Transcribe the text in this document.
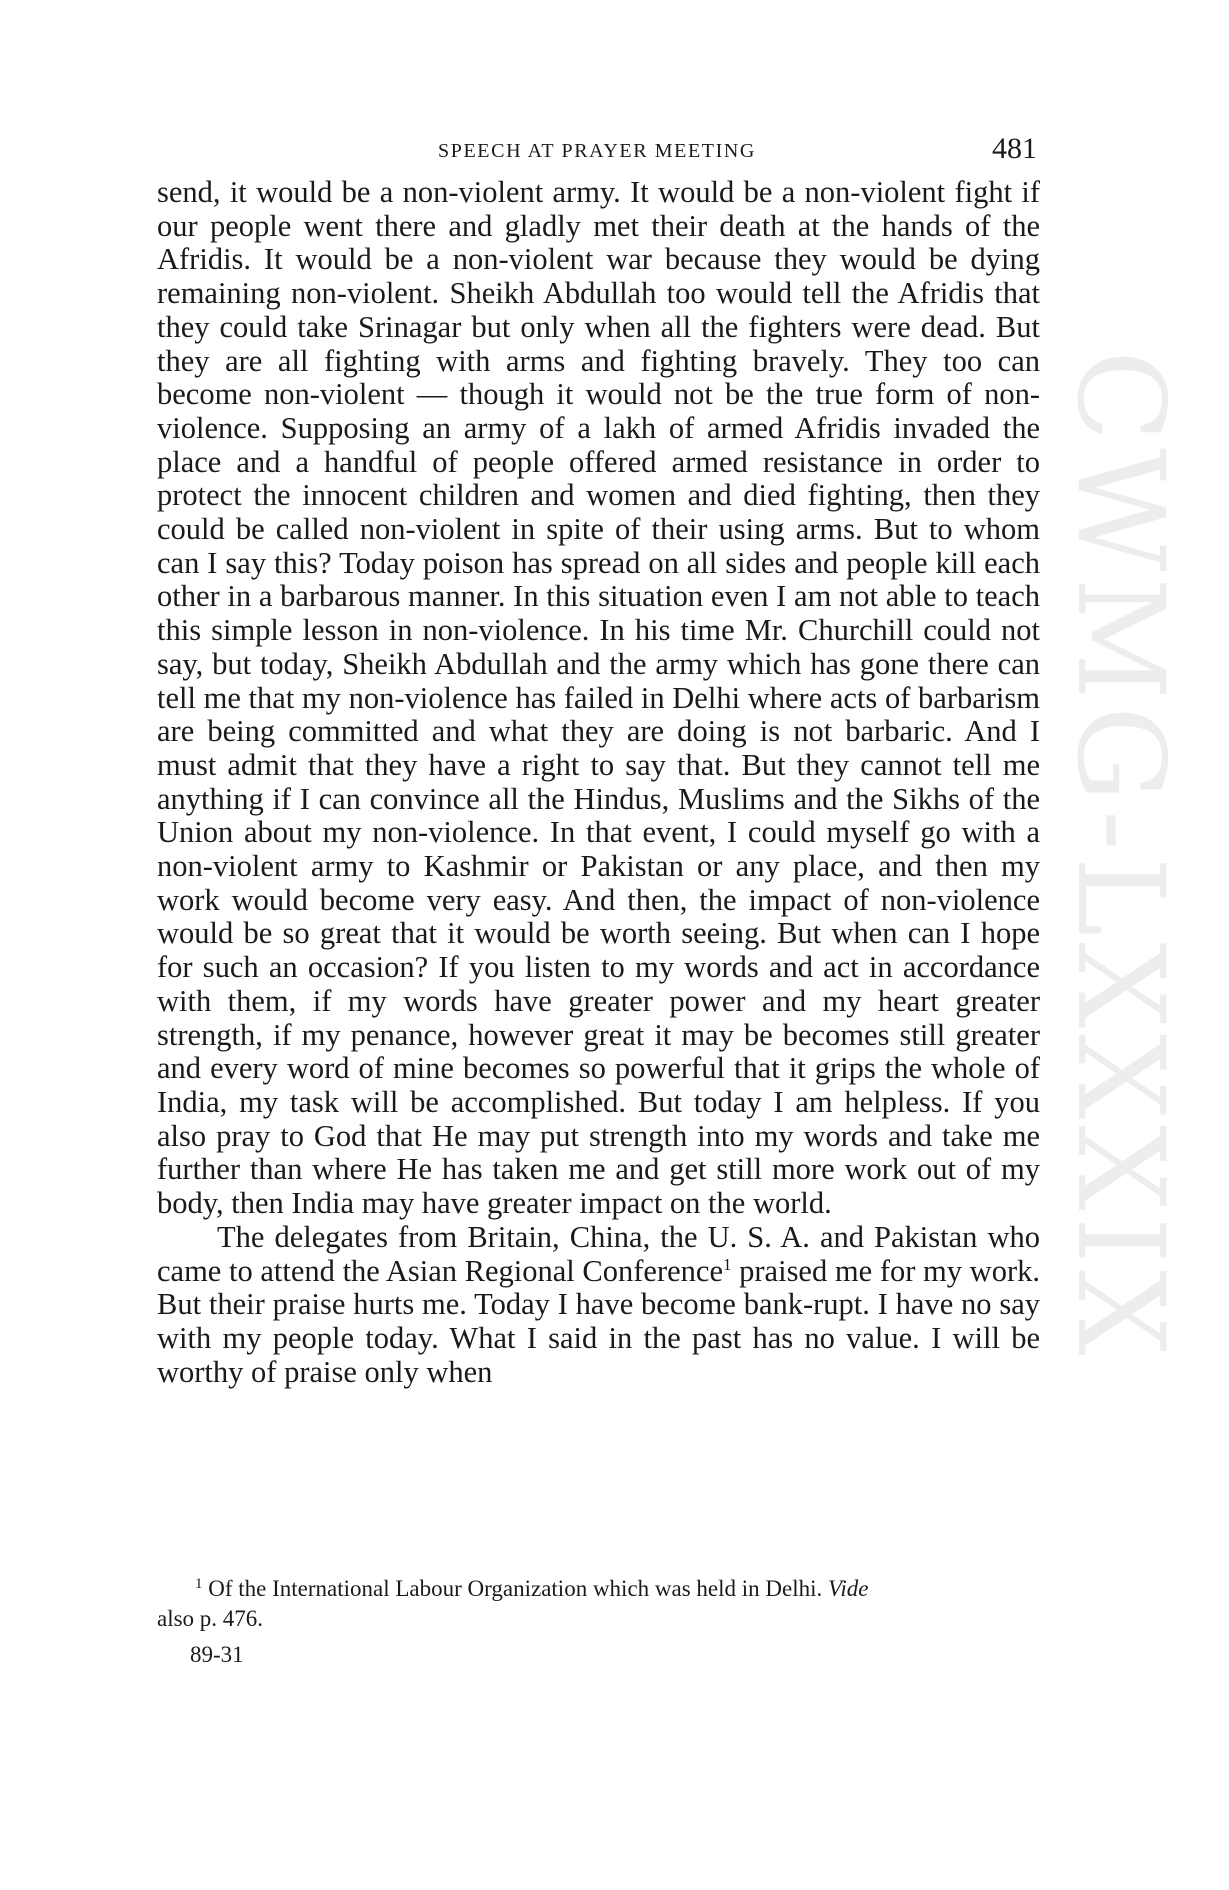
CWMG-LXXXIX
SPEECH AT PRAYER MEETING	481

send, it would be a non-violent army. It would be a non-violent fight if our people went there and gladly met their death at the hands of the Afridis. It would be a non-violent war because they would be dying remaining non-violent. Sheikh Abdullah too would tell the Afridis that they could take Srinagar but only when all the fighters were dead. But they are all fighting with arms and fighting bravely. They too can become non-violent — though it would not be the true form of non-violence. Supposing an army of a lakh of armed Afridis invaded the place and a handful of people offered armed resistance in order to protect the innocent children and women and died fighting, then they could be called non-violent in spite of their using arms. But to whom can I say this? Today poison has spread on all sides and people kill each other in a barbarous manner. In this situation even I am not able to teach this simple lesson in non-violence. In his time Mr. Churchill could not say, but today, Sheikh Abdullah and the army which has gone there can tell me that my non-violence has failed in Delhi where acts of barbarism are being committed and what they are doing is not barbaric. And I must admit that they have a right to say that. But they cannot tell me anything if I can convince all the Hindus, Muslims and the Sikhs of the Union about my non-violence. In that event, I could myself go with a non-violent army to Kashmir or Pakistan or any place, and then my work would become very easy. And then, the impact of non-violence would be so great that it would be worth seeing. But when can I hope for such an occasion? If you listen to my words and act in accordance with them, if my words have greater power and my heart greater strength, if my penance, however great it may be becomes still greater and every word of mine becomes so powerful that it grips the whole of India, my task will be accomplished. But today I am helpless. If you also pray to God that He may put strength into my words and take me further than where He has taken me and get still more work out of my body, then India may have greater impact on the world.

The delegates from Britain, China, the U. S. A. and Pakistan who came to attend the Asian Regional Conference$^1$ praised me for my work. But their praise hurts me. Today I have become bank-rupt. I have no say with my people today. What I said in the past has no value. I will be worthy of praise only when

$^1$ Of the International Labour Organization which was held in Delhi. Vide
also p. 476.
89-31
